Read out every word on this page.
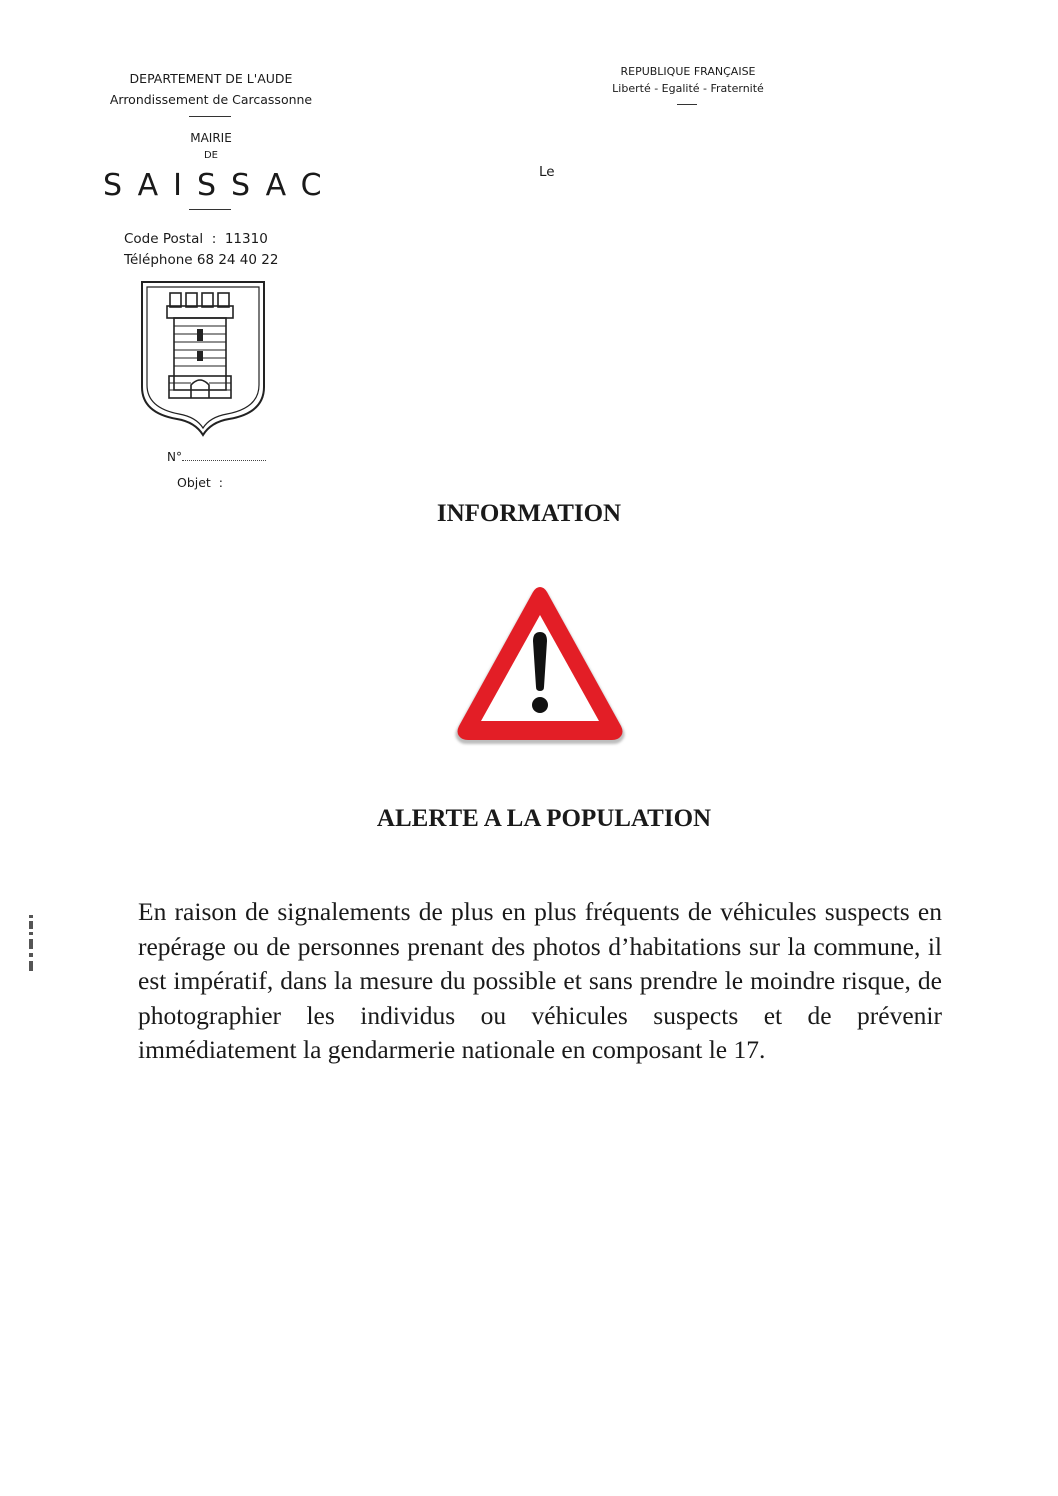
DEPARTEMENT DE L'AUDE
Arrondissement de Carcassonne
MAIRIE
DE
SAISSAC
Code Postal  :  11310
Téléphone 68 24 40 22
N°
Objet  :
REPUBLIQUE FRANÇAISE
Liberté - Egalité - Fraternité
Le
INFORMATION
ALERTE A LA POPULATION
En raison de signalements de plus en plus fréquents de véhicules suspects en repérage ou de personnes prenant des photos d’habitations sur la commune, il est impératif, dans la mesure du possible et sans prendre le moindre risque, de photographier les individus ou véhicules suspects et de prévenir immédiatement la gendarmerie nationale en composant le 17.
